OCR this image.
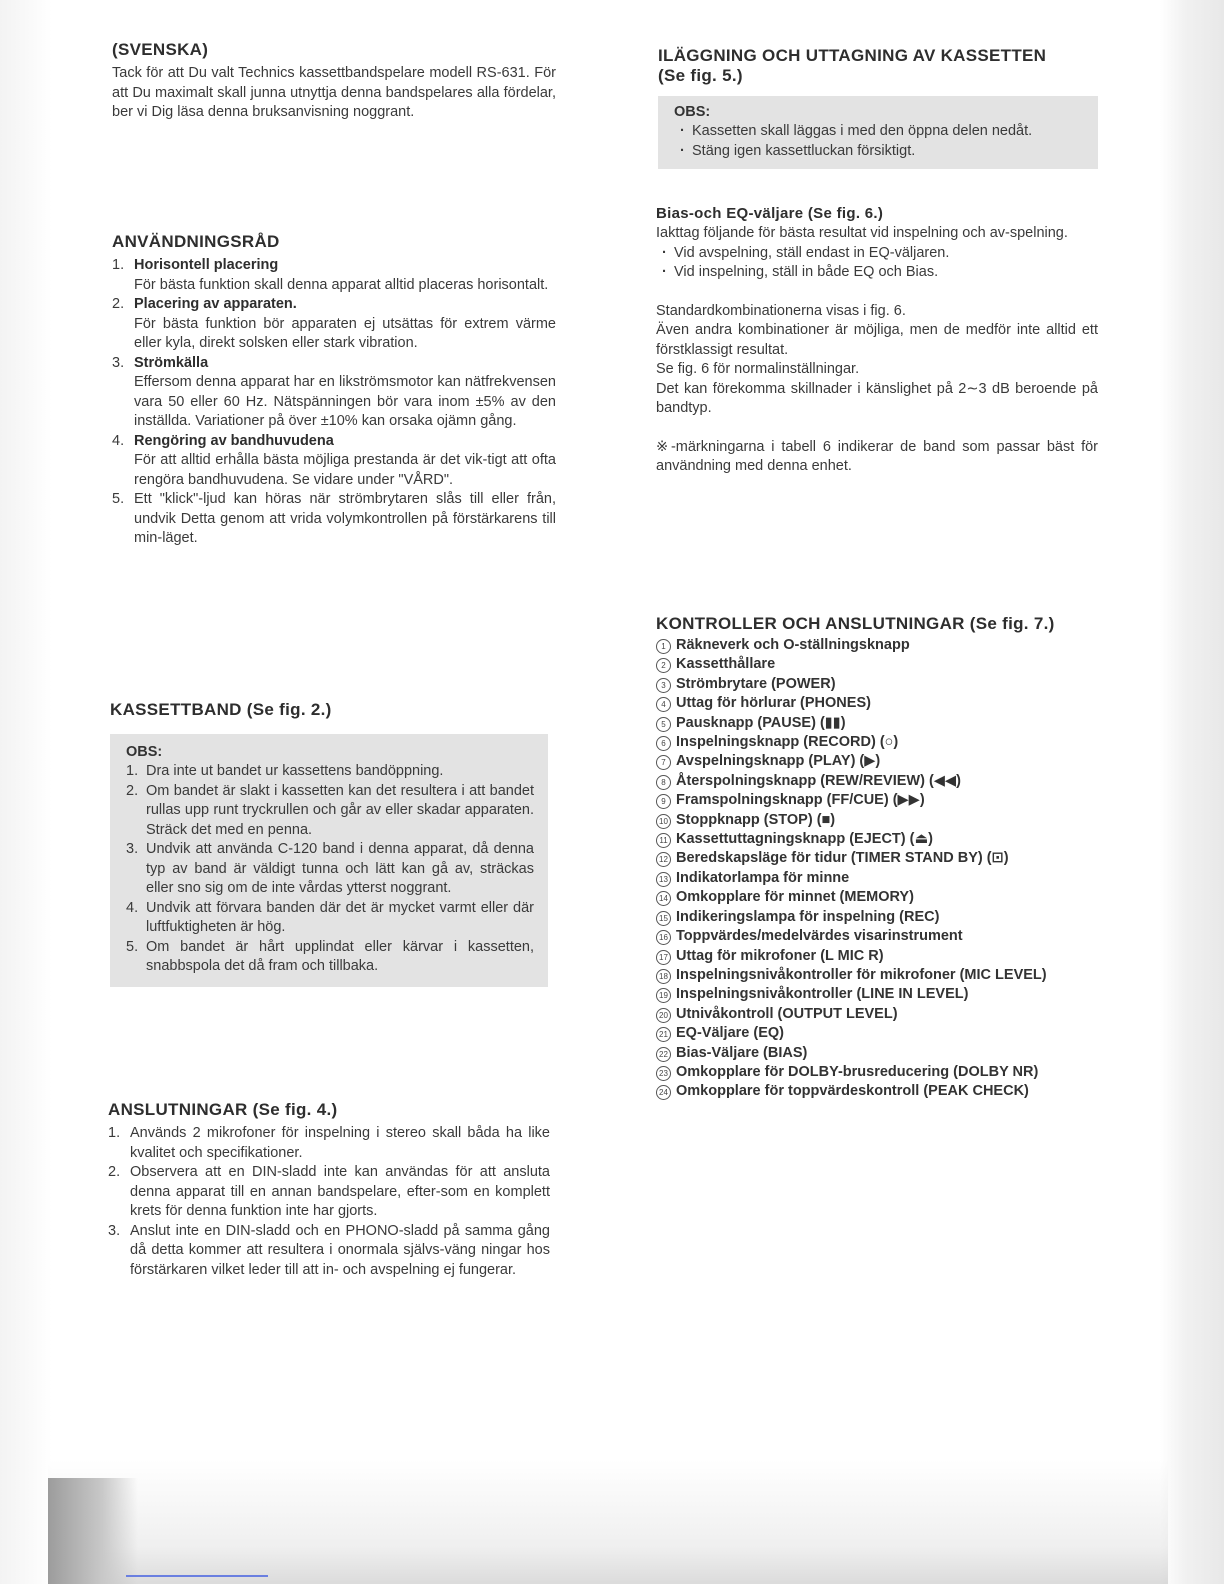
(SVENSKA)

Tack för att Du valt Technics kassettbandspelare modell RS-631. För att Du maximalt skall junna utnyttja denna bandspelares alla fördelar, ber vi Dig läsa denna bruksanvisning noggrant.

ANVÄNDNINGSRÅD
1. Horisontell placering
För bästa funktion skall denna apparat alltid placeras horisontalt.
2. Placering av apparaten.
För bästa funktion bör apparaten ej utsättas för extrem värme eller kyla, direkt solsken eller stark vibration.
3. Strömkälla
Effersom denna apparat har en likströmsmotor kan nätfrekvensen vara 50 eller 60 Hz. Nätspänningen bör vara inom ±5% av den inställda. Variationer på över ±10% kan orsaka ojämn gång.
4. Rengöring av bandhuvudena
För att alltid erhålla bästa möjliga prestanda är det vik-tigt att ofta rengöra bandhuvudena. Se vidare under "VÅRD".
5. Ett "klick"-ljud kan höras när strömbrytaren slås till eller från, undvik Detta genom att vrida volymkontrollen på förstärkarens till min-läget.
KASSETTBAND (Se fig. 2.)

OBS:

1. Dra inte ut bandet ur kassettens bandöppning.
2. Om bandet är slakt i kassetten kan det resultera i att bandet rullas upp runt tryckrullen och går av eller skadar apparaten. Sträck det med en penna.
3. Undvik att använda C-120 band i denna apparat, då denna typ av band är väldigt tunna och lätt kan gå av, sträckas eller sno sig om de inte vårdas ytterst noggrant.
4. Undvik att förvara banden där det är mycket varmt eller där luftfuktigheten är hög.
5. Om bandet är hårt upplindat eller kärvar i kassetten, snabbspola det då fram och tillbaka.
ANSLUTNINGAR (Se fig. 4.)
1. Används 2 mikrofoner för inspelning i stereo skall båda ha like kvalitet och specifikationer.
2. Observera att en DIN-sladd inte kan användas för att ansluta denna apparat till en annan bandspelare, efter-som en komplett krets för denna funktion inte har gjorts.
3. Anslut inte en DIN-sladd och en PHONO-sladd på samma gång då detta kommer att resultera i onormala självs-väng ningar hos förstärkaren vilket leder till att in- och avspelning ej fungerar.
ILÄGGNING OCH UTTAGNING AV KASSETTEN
(Se fig. 5.)

OBS:

· Kassetten skall läggas i med den öppna delen nedåt.
· Stäng igen kassettluckan försiktigt.
Bias-och EQ-väljare (Se fig. 6.)

Iakttag följande för bästa resultat vid inspelning och av-spelning.

· Vid avspelning, ställ endast in EQ-väljaren.
· Vid inspelning, ställ in både EQ och Bias.

Standardkombinationerna visas i fig. 6.

Även andra kombinationer är möjliga, men de medför inte alltid ett förstklassigt resultat.

Se fig. 6 för normalinställningar.

Det kan förekomma skillnader i känslighet på 2∼3 dB beroende på bandtyp.

※-märkningarna i tabell 6 indikerar de band som passar bäst för användning med denna enhet.

KONTROLLER OCH ANSLUTNINGAR (Se fig. 7.)
1 Räkneverk och O-ställningsknapp
2 Kassetthållare
3 Strömbrytare (POWER)
4 Uttag för hörlurar (PHONES)
5 Pausknapp (PAUSE) (▮▮)
6 Inspelningsknapp (RECORD) (○)
7 Avspelningsknapp (PLAY) (▶)
8 Återspolningsknapp (REW/REVIEW) (◀◀)
9 Framspolningsknapp (FF/CUE) (▶▶)
10 Stoppknapp (STOP) (■)
11 Kassettuttagningsknapp (EJECT) (⏏)
12 Beredskapsläge för tidur (TIMER STAND BY) (⊡)
13 Indikatorlampa för minne
14 Omkopplare för minnet (MEMORY)
15 Indikeringslampa för inspelning (REC)
16 Toppvärdes/medelvärdes visarinstrument
17 Uttag för mikrofoner (L MIC R)
18 Inspelningsnivåkontroller för mikrofoner (MIC LEVEL)
19 Inspelningsnivåkontroller (LINE IN LEVEL)
20 Utnivåkontroll (OUTPUT LEVEL)
21 EQ-Väljare (EQ)
22 Bias-Väljare (BIAS)
23 Omkopplare för DOLBY-brusreducering (DOLBY NR)
24 Omkopplare för toppvärdeskontroll (PEAK CHECK)
